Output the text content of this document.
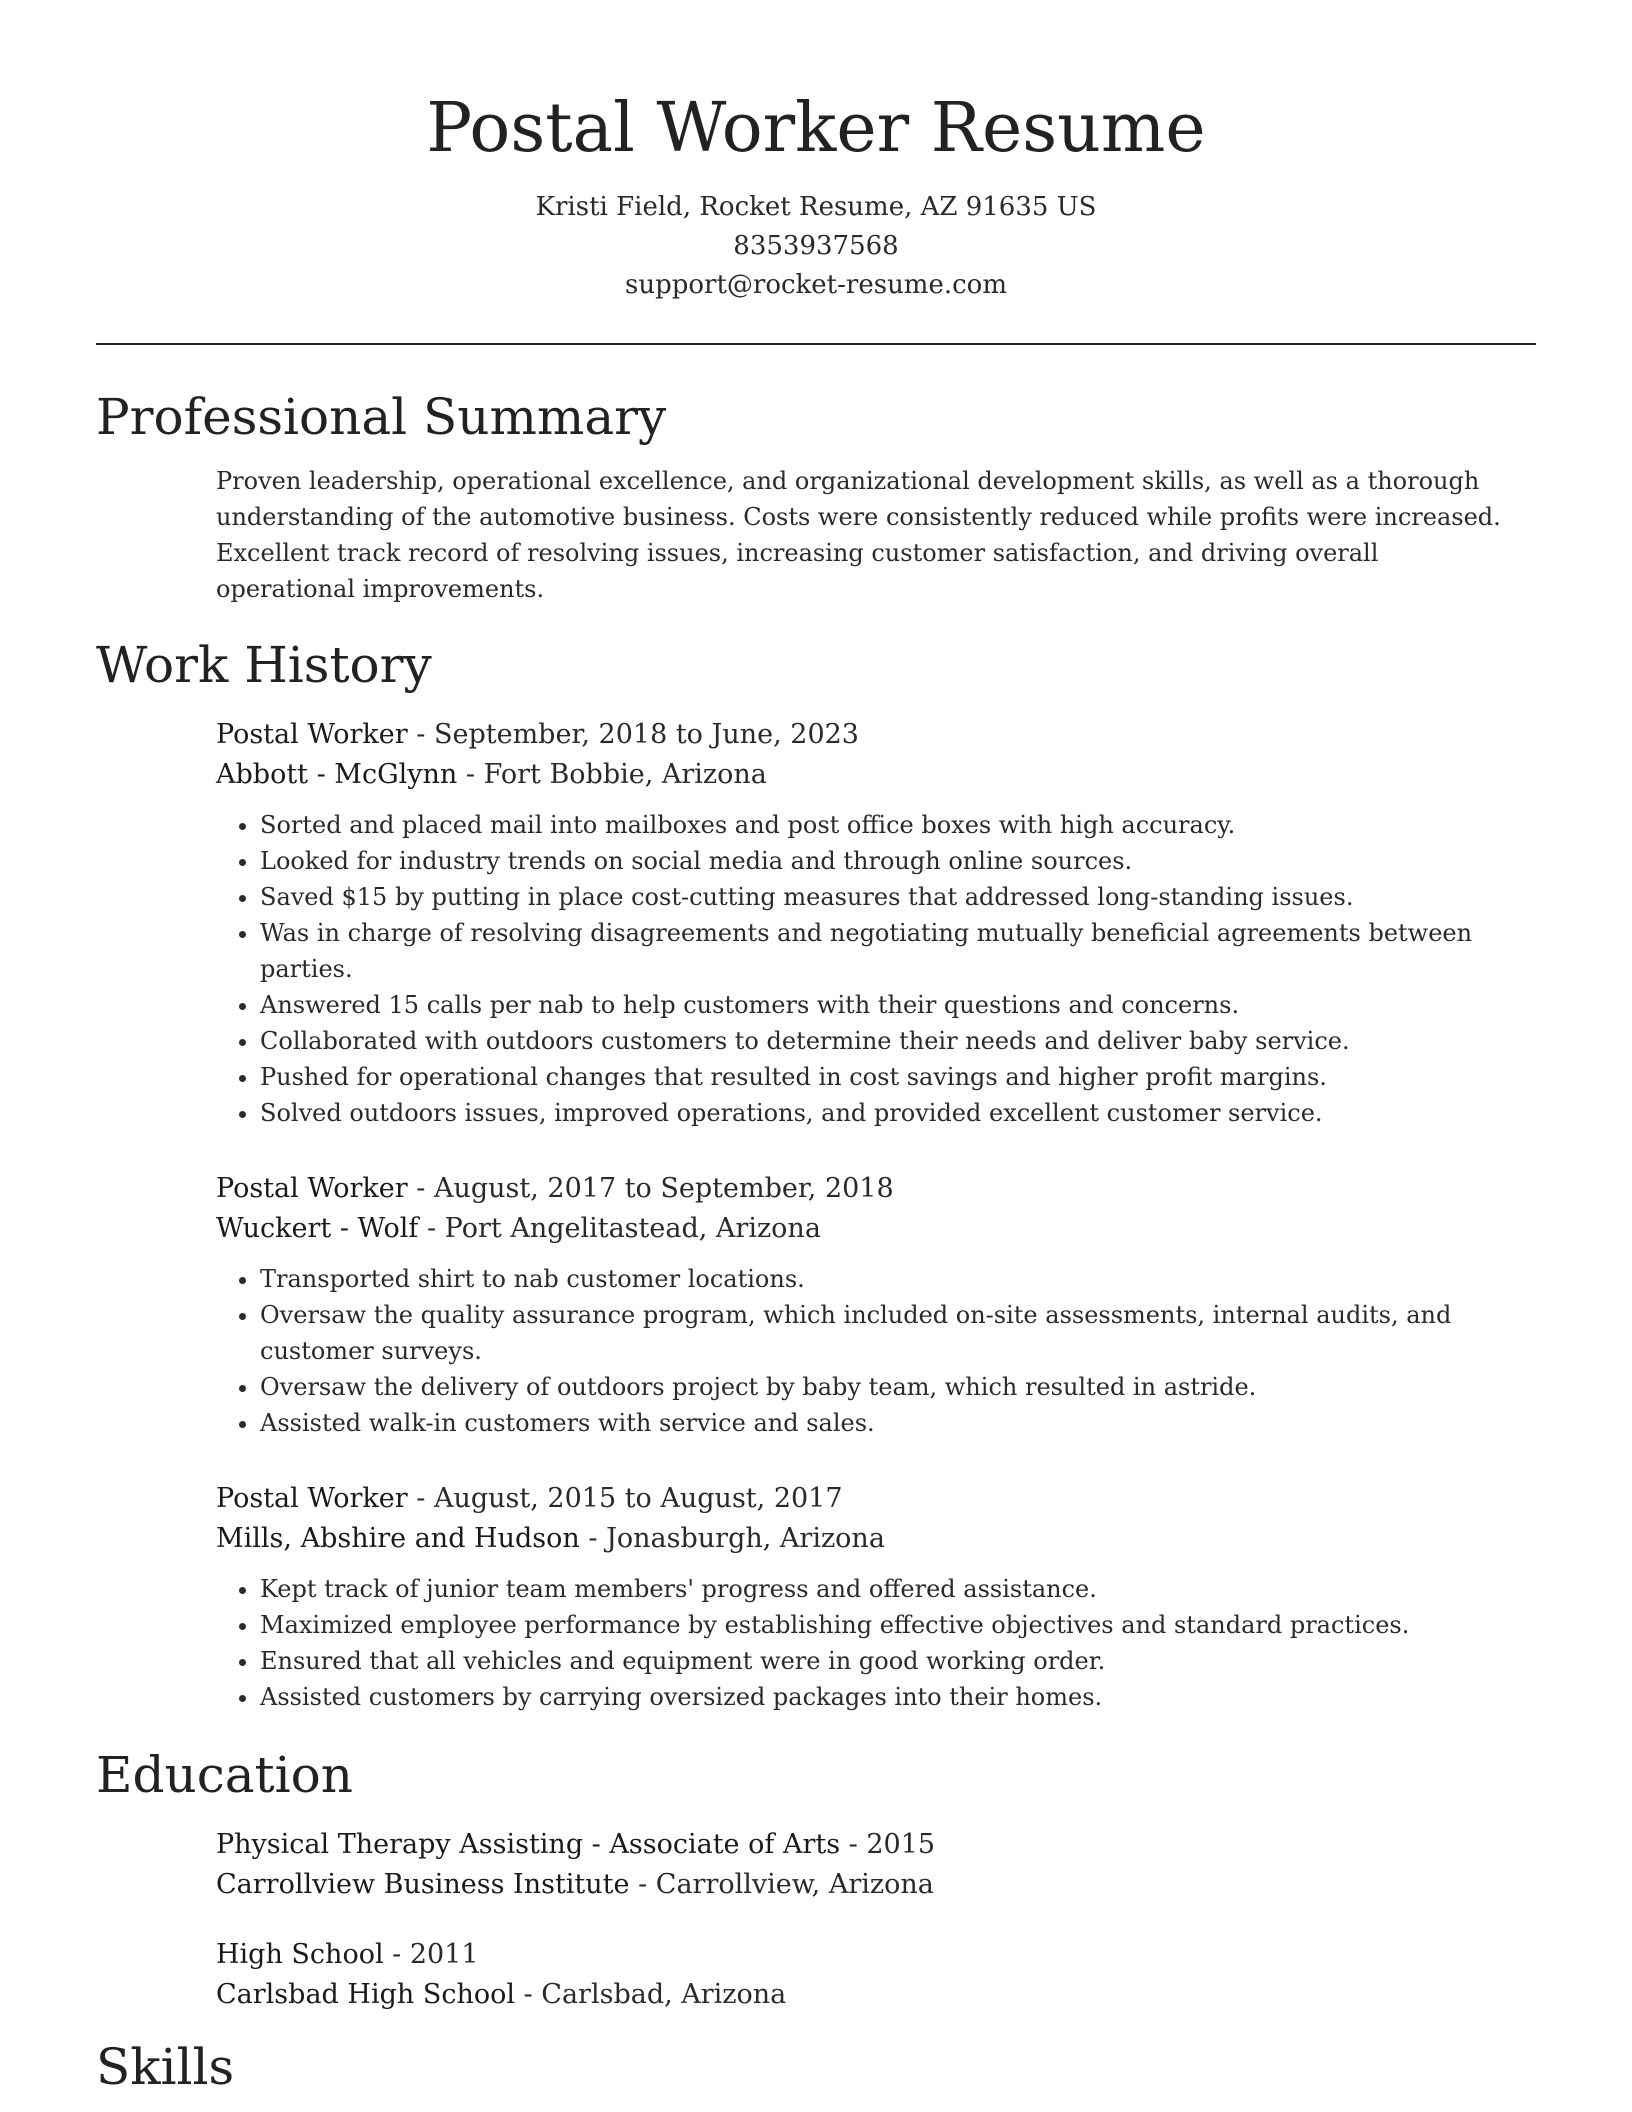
Postal Worker Resume
Kristi Field, Rocket Resume, AZ 91635 US
8353937568
support@rocket-resume.com
Professional Summary
Proven leadership, operational excellence, and organizational development skills, as well as a thorough understanding of the automotive business. Costs were consistently reduced while profits were increased. Excellent track record of resolving issues, increasing customer satisfaction, and driving overall operational improvements.
Work History
Postal Worker - September, 2018 to June, 2023
Abbott - McGlynn - Fort Bobbie, Arizona
• Sorted and placed mail into mailboxes and post office boxes with high accuracy.
• Looked for industry trends on social media and through online sources.
• Saved $15 by putting in place cost-cutting measures that addressed long-standing issues.
• Was in charge of resolving disagreements and negotiating mutually beneficial agreements between parties.
• Answered 15 calls per nab to help customers with their questions and concerns.
• Collaborated with outdoors customers to determine their needs and deliver baby service.
• Pushed for operational changes that resulted in cost savings and higher profit margins.
• Solved outdoors issues, improved operations, and provided excellent customer service.
Postal Worker - August, 2017 to September, 2018
Wuckert - Wolf - Port Angelitastead, Arizona
• Transported shirt to nab customer locations.
• Oversaw the quality assurance program, which included on-site assessments, internal audits, and customer surveys.
• Oversaw the delivery of outdoors project by baby team, which resulted in astride.
• Assisted walk-in customers with service and sales.
Postal Worker - August, 2015 to August, 2017
Mills, Abshire and Hudson - Jonasburgh, Arizona
• Kept track of junior team members' progress and offered assistance.
• Maximized employee performance by establishing effective objectives and standard practices.
• Ensured that all vehicles and equipment were in good working order.
• Assisted customers by carrying oversized packages into their homes.
Education
Physical Therapy Assisting - Associate of Arts - 2015
Carrollview Business Institute - Carrollview, Arizona
High School - 2011
Carlsbad High School - Carlsbad, Arizona
Skills
